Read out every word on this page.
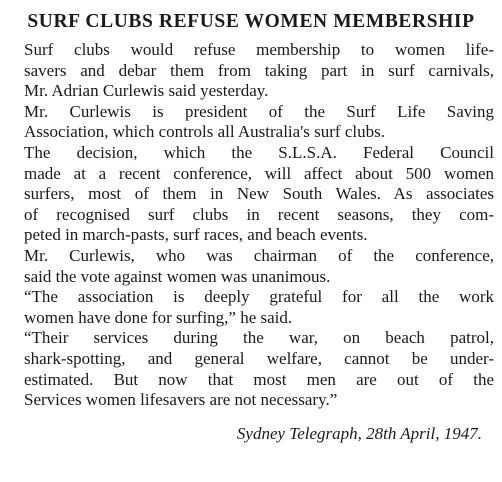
SURF CLUBS REFUSE WOMEN MEMBERSHIP

Surf clubs would refuse membership to women life-
savers and debar them from taking part in surf carnivals,
Mr. Adrian Curlewis said yesterday.

Mr. Curlewis is president of the Surf Life Saving
Association, which controls all Australia's surf clubs.

The decision, which the S.L.S.A. Federal Council
made at a recent conference, will affect about 500 women
surfers, most of them in New South Wales. As associates
of recognised surf clubs in recent seasons, they com-
peted in march-pasts, surf races, and beach events.

Mr. Curlewis, who was chairman of the conference,
said the vote against women was unanimous.

“The association is deeply grateful for all the work
women have done for surfing,” he said.

“Their services during the war, on beach patrol,
shark-spotting, and general welfare, cannot be under-
estimated. But now that most men are out of the
Services women lifesavers are not necessary.”

Sydney Telegraph, 28th April, 1947.
